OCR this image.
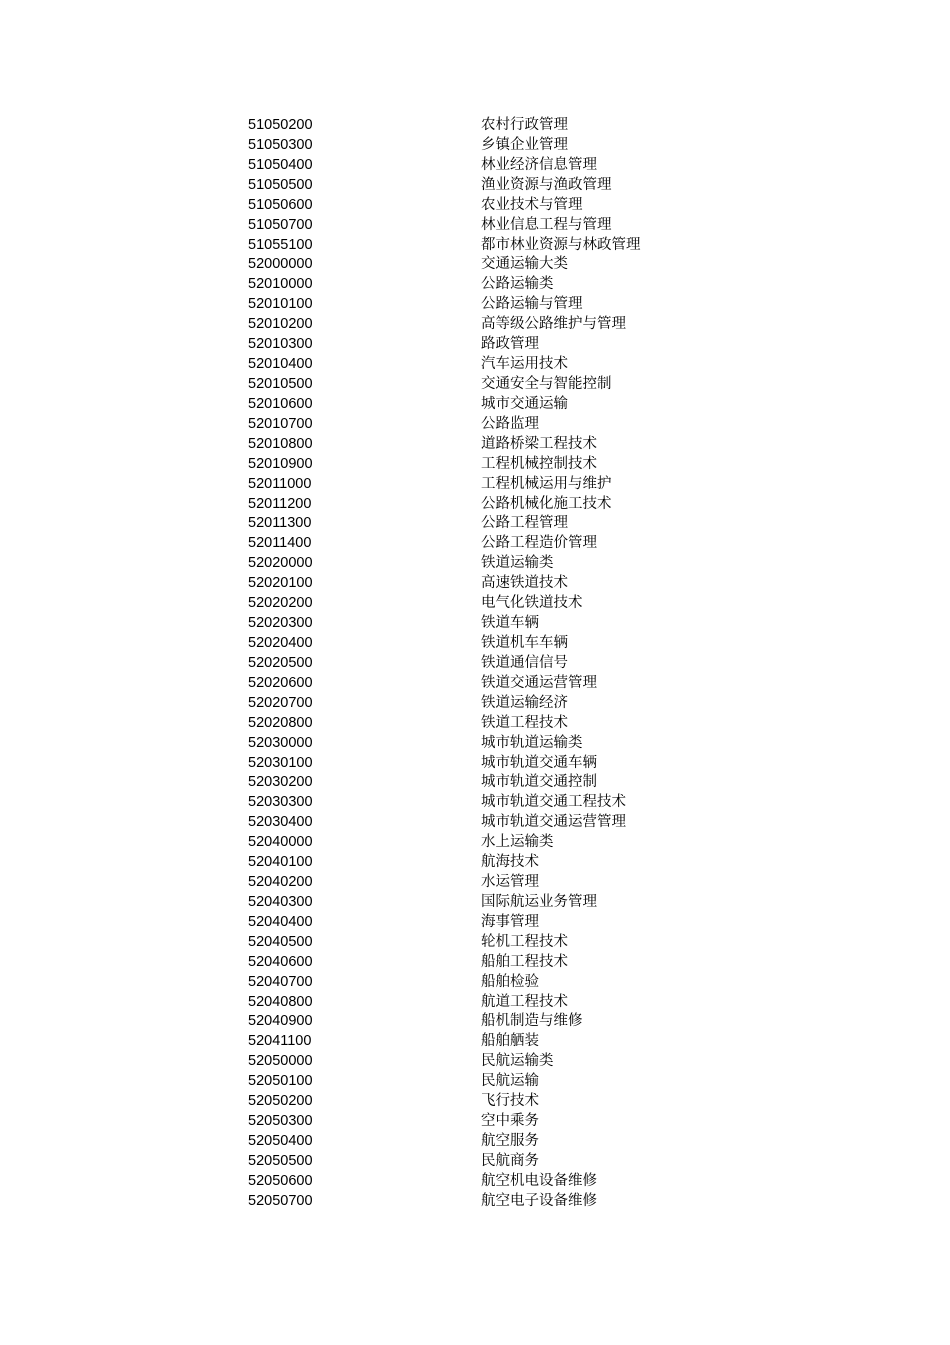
51050200	农村行政管理
51050300	乡镇企业管理
51050400	林业经济信息管理
51050500	渔业资源与渔政管理
51050600	农业技术与管理
51050700	林业信息工程与管理
51055100	都市林业资源与林政管理
52000000	交通运输大类
52010000	公路运输类
52010100	公路运输与管理
52010200	高等级公路维护与管理
52010300	路政管理
52010400	汽车运用技术
52010500	交通安全与智能控制
52010600	城市交通运输
52010700	公路监理
52010800	道路桥梁工程技术
52010900	工程机械控制技术
52011000	工程机械运用与维护
52011200	公路机械化施工技术
52011300	公路工程管理
52011400	公路工程造价管理
52020000	铁道运输类
52020100	高速铁道技术
52020200	电气化铁道技术
52020300	铁道车辆
52020400	铁道机车车辆
52020500	铁道通信信号
52020600	铁道交通运营管理
52020700	铁道运输经济
52020800	铁道工程技术
52030000	城市轨道运输类
52030100	城市轨道交通车辆
52030200	城市轨道交通控制
52030300	城市轨道交通工程技术
52030400	城市轨道交通运营管理
52040000	水上运输类
52040100	航海技术
52040200	水运管理
52040300	国际航运业务管理
52040400	海事管理
52040500	轮机工程技术
52040600	船舶工程技术
52040700	船舶检验
52040800	航道工程技术
52040900	船机制造与维修
52041100	船舶舾装
52050000	民航运输类
52050100	民航运输
52050200	飞行技术
52050300	空中乘务
52050400	航空服务
52050500	民航商务
52050600	航空机电设备维修
52050700	航空电子设备维修
